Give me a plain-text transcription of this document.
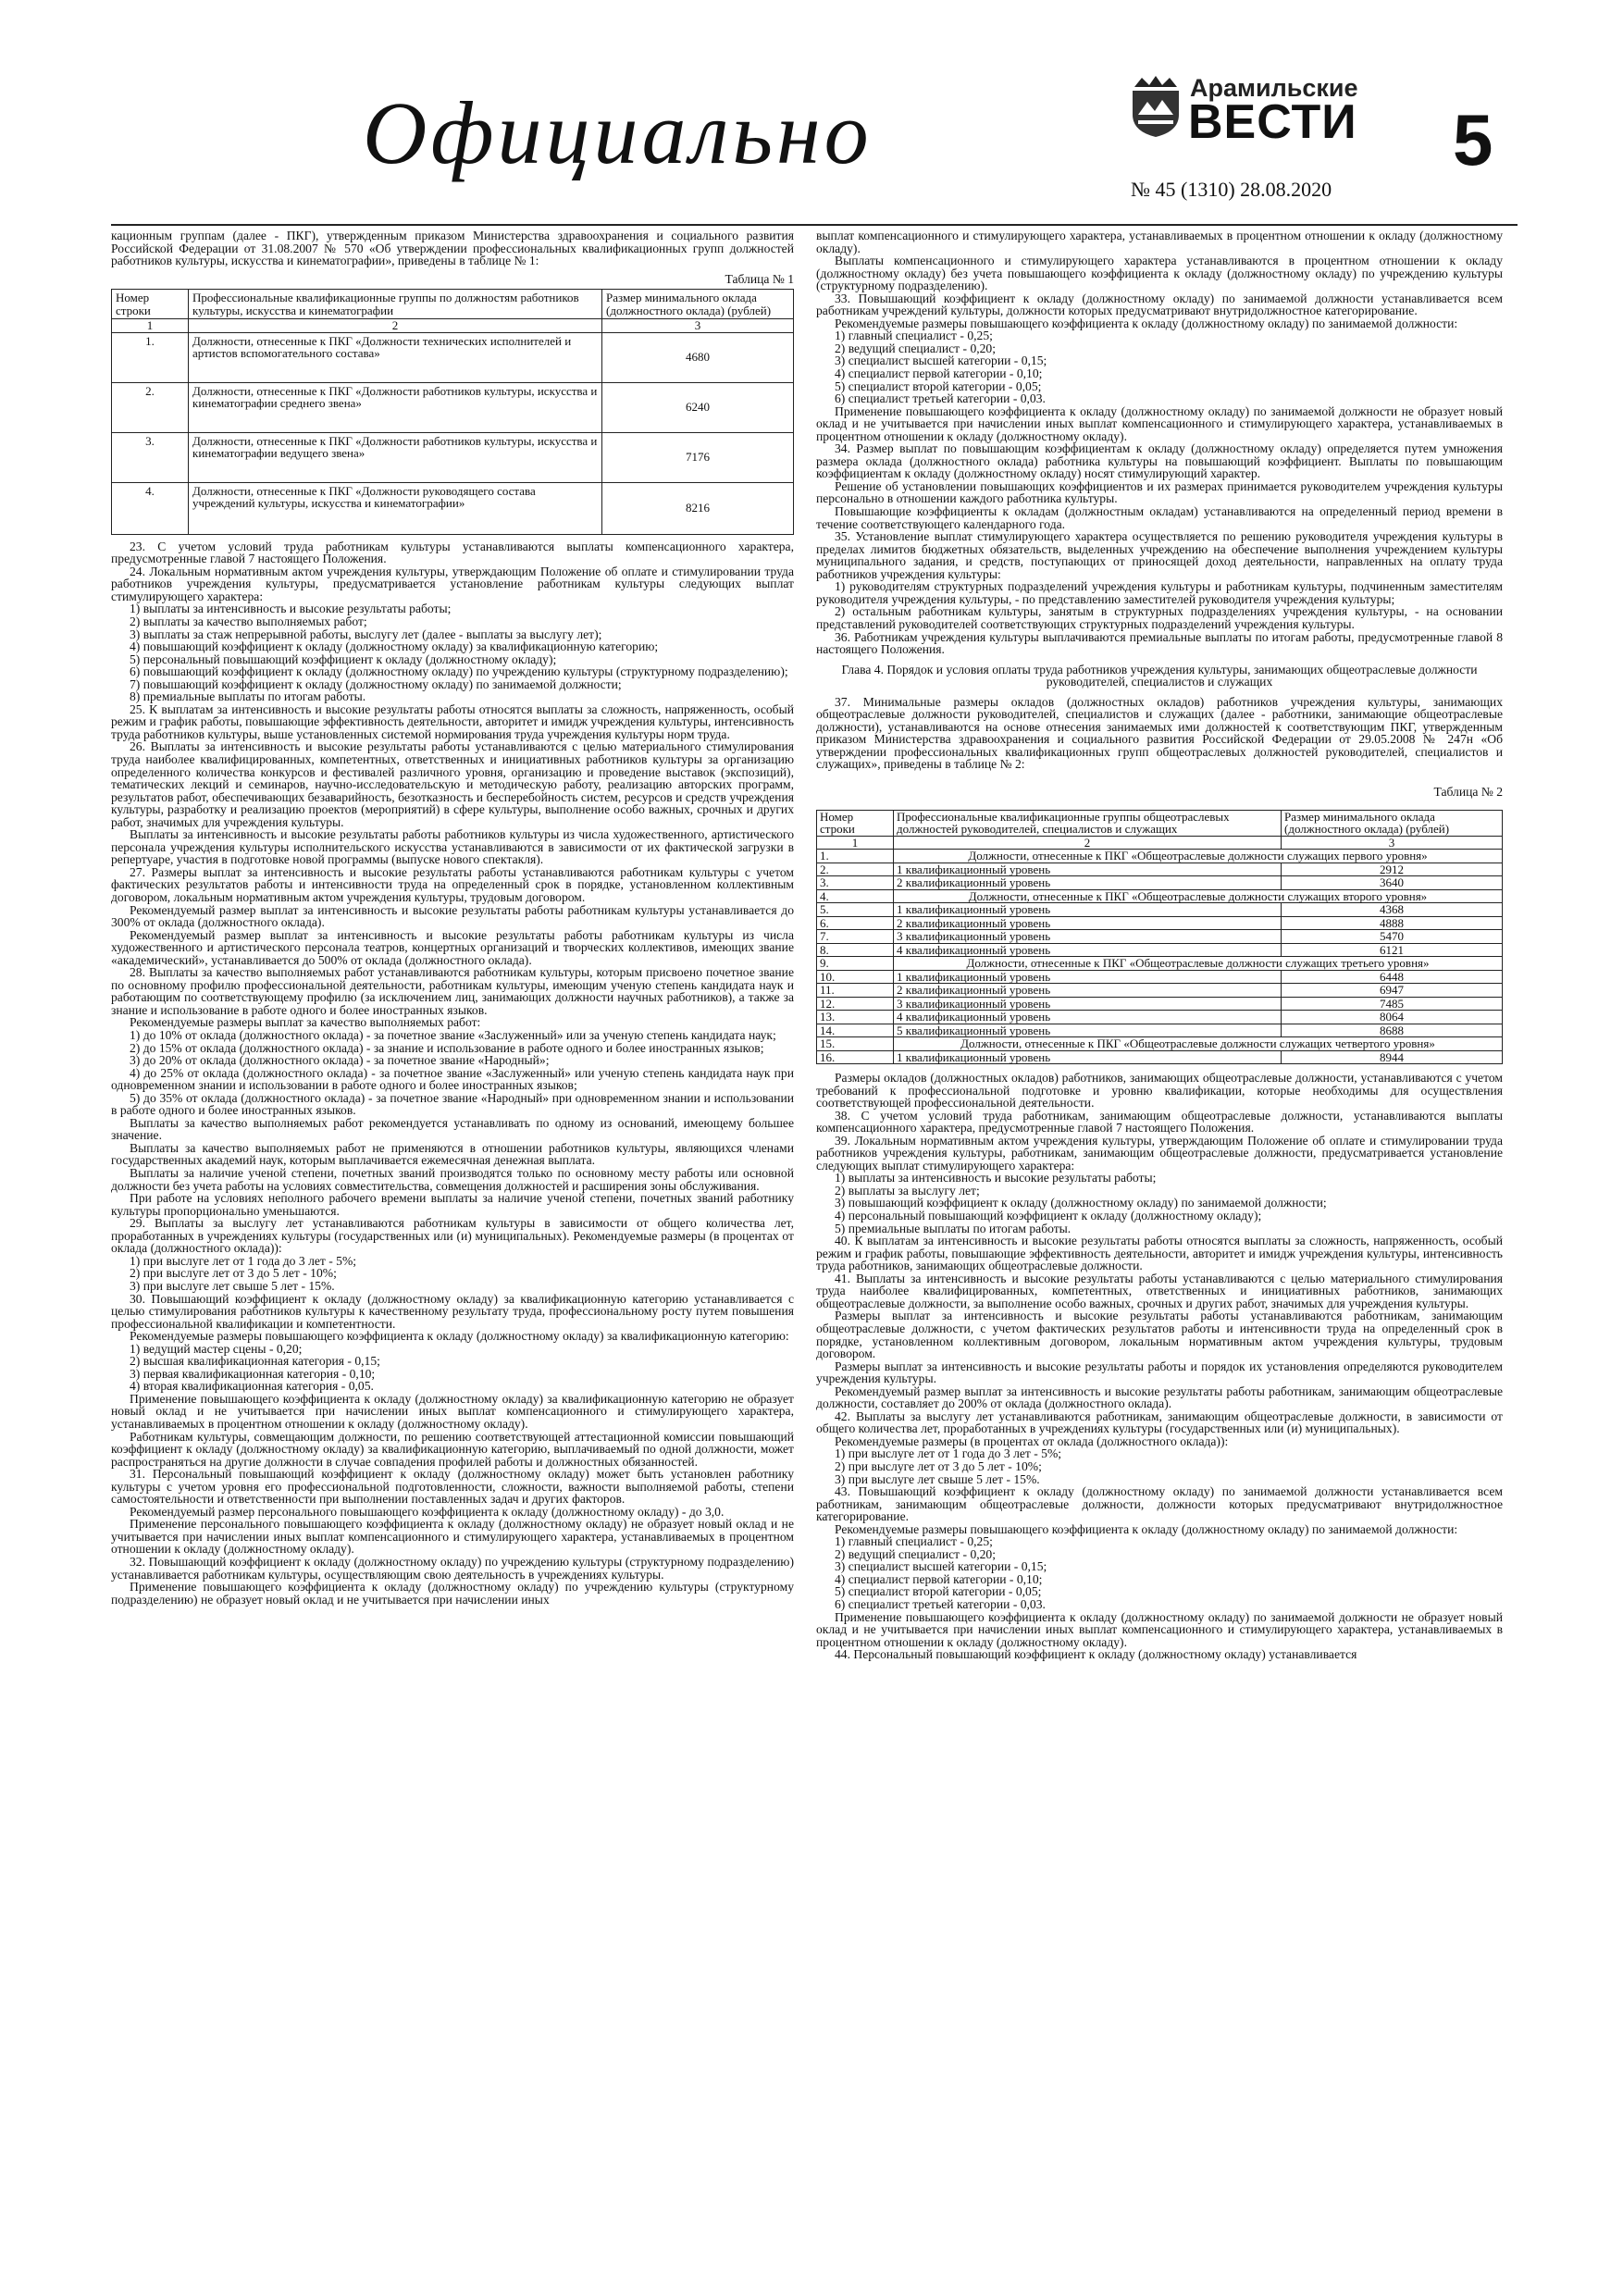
Официально	Арамильские
ВЕСТИ
№ 45 (1310) 28.08.2020
5

кационным группам (далее - ПКГ), утвержденным приказом Министерства здравоохранения и социального развития Российской Федерации от 31.08.2007 № 570 «Об утверждении профессиональных квалификационных групп должностей работников культуры, искусства и кинематографии», приведены в таблице № 1:

Таблица № 1
Номер строки	Профессиональные квалификационные группы по должностям работников культуры, искусства и кинематографии	Размер минимального оклада (должностного оклада) (рублей)
1	2	3
1.	Должности, отнесенные к ПКГ «Должности технических исполнителей и артистов вспомогательного состава»	4680
2.	Должности, отнесенные к ПКГ «Должности работников культуры, искусства и кинематографии среднего звена»	6240
3.	Должности, отнесенные к ПКГ «Должности работников культуры, искусства и кинематографии ведущего звена»	7176
4.	Должности, отнесенные к ПКГ «Должности руководящего состава учреждений культуры, искусства и кинематографии»	8216

23. С учетом условий труда работникам культуры устанавливаются выплаты компенсационного характера, предусмотренные главой 7 настоящего Положения.

24. Локальным нормативным актом учреждения культуры, утверждающим Положение об оплате и стимулировании труда работников учреждения культуры, предусматривается установление работникам культуры следующих выплат стимулирующего характера:

1) выплаты за интенсивность и высокие результаты работы;

2) выплаты за качество выполняемых работ;

3) выплаты за стаж непрерывной работы, выслугу лет (далее - выплаты за выслугу лет);

4) повышающий коэффициент к окладу (должностному окладу) за квалификационную категорию;

5) персональный повышающий коэффициент к окладу (должностному окладу);

6) повышающий коэффициент к окладу (должностному окладу) по учреждению культуры (структурному подразделению);

7) повышающий коэффициент к окладу (должностному окладу) по занимаемой должности;

8) премиальные выплаты по итогам работы.

25. К выплатам за интенсивность и высокие результаты работы относятся выплаты за сложность, напряженность, особый режим и график работы, повышающие эффективность деятельности, авторитет и имидж учреждения культуры, интенсивность труда работников культуры, выше установленных системой нормирования труда учреждения культуры норм труда.

26. Выплаты за интенсивность и высокие результаты работы устанавливаются с целью материального стимулирования труда наиболее квалифицированных, компетентных, ответственных и инициативных работников культуры за организацию определенного количества конкурсов и фестивалей различного уровня, организацию и проведение выставок (экспозиций), тематических лекций и семинаров, научно-исследовательскую и методическую работу, реализацию авторских программ, результатов работ, обеспечивающих безаварийность, безотказность и бесперебойность систем, ресурсов и средств учреждения культуры, разработку и реализацию проектов (мероприятий) в сфере культуры, выполнение особо важных, срочных и других работ, значимых для учреждения культуры.

Выплаты за интенсивность и высокие результаты работы работников культуры из числа художественного, артистического персонала учреждения культуры исполнительского искусства устанавливаются в зависимости от их фактической загрузки в репертуаре, участия в подготовке новой программы (выпуске нового спектакля).

27. Размеры выплат за интенсивность и высокие результаты работы устанавливаются работникам культуры с учетом фактических результатов работы и интенсивности труда на определенный срок в порядке, установленном коллективным договором, локальным нормативным актом учреждения культуры, трудовым договором.

Рекомендуемый размер выплат за интенсивность и высокие результаты работы работникам культуры устанавливается до 300% от оклада (должностного оклада).

Рекомендуемый размер выплат за интенсивность и высокие результаты работы работникам культуры из числа художественного и артистического персонала театров, концертных организаций и творческих коллективов, имеющих звание «академический», устанавливается до 500% от оклада (должностного оклада).

28. Выплаты за качество выполняемых работ устанавливаются работникам культуры, которым присвоено почетное звание по основному профилю профессиональной деятельности, работникам культуры, имеющим ученую степень кандидата наук и работающим по соответствующему профилю (за исключением лиц, занимающих должности научных работников), а также за знание и использование в работе одного и более иностранных языков.

Рекомендуемые размеры выплат за качество выполняемых работ:

1) до 10% от оклада (должностного оклада) - за почетное звание «Заслуженный» или за ученую степень кандидата наук;

2) до 15% от оклада (должностного оклада) - за знание и использование в работе одного и более иностранных языков;

3) до 20% от оклада (должностного оклада) - за почетное звание «Народный»;

4) до 25% от оклада (должностного оклада) - за почетное звание «Заслуженный» или ученую степень кандидата наук при одновременном знании и использовании в работе одного и более иностранных языков;

5) до 35% от оклада (должностного оклада) - за почетное звание «Народный» при одновременном знании и использовании в работе одного и более иностранных языков.

Выплаты за качество выполняемых работ рекомендуется устанавливать по одному из оснований, имеющему большее значение.

Выплаты за качество выполняемых работ не применяются в отношении работников культуры, являющихся членами государственных академий наук, которым выплачивается ежемесячная денежная выплата.

Выплаты за наличие ученой степени, почетных званий производятся только по основному месту работы или основной должности без учета работы на условиях совместительства, совмещения должностей и расширения зоны обслуживания.

При работе на условиях неполного рабочего времени выплаты за наличие ученой степени, почетных званий работнику культуры пропорционально уменьшаются.

29. Выплаты за выслугу лет устанавливаются работникам культуры в зависимости от общего количества лет, проработанных в учреждениях культуры (государственных или (и) муниципальных). Рекомендуемые размеры (в процентах от оклада (должностного оклада)):

1) при выслуге лет от 1 года до 3 лет - 5%;

2) при выслуге лет от 3 до 5 лет - 10%;

3) при выслуге лет свыше 5 лет - 15%.

30. Повышающий коэффициент к окладу (должностному окладу) за квалификационную категорию устанавливается с целью стимулирования работников культуры к качественному результату труда, профессиональному росту путем повышения профессиональной квалификации и компетентности.

Рекомендуемые размеры повышающего коэффициента к окладу (должностному окладу) за квалификационную категорию:

1) ведущий мастер сцены - 0,20;

2) высшая квалификационная категория - 0,15;

3) первая квалификационная категория - 0,10;

4) вторая квалификационная категория - 0,05.

Применение повышающего коэффициента к окладу (должностному окладу) за квалификационную категорию не образует новый оклад и не учитывается при начислении иных выплат компенсационного и стимулирующего характера, устанавливаемых в процентном отношении к окладу (должностному окладу).

Работникам культуры, совмещающим должности, по решению соответствующей аттестационной комиссии повышающий коэффициент к окладу (должностному окладу) за квалификационную категорию, выплачиваемый по одной должности, может распространяться на другие должности в случае совпадения профилей работы и должностных обязанностей.

31. Персональный повышающий коэффициент к окладу (должностному окладу) может быть установлен работнику культуры с учетом уровня его профессиональной подготовленности, сложности, важности выполняемой работы, степени самостоятельности и ответственности при выполнении поставленных задач и других факторов.

Рекомендуемый размер персонального повышающего коэффициента к окладу (должностному окладу) - до 3,0.

Применение персонального повышающего коэффициента к окладу (должностному окладу) не образует новый оклад и не учитывается при начислении иных выплат компенсационного и стимулирующего характера, устанавливаемых в процентном отношении к окладу (должностному окладу).

32. Повышающий коэффициент к окладу (должностному окладу) по учреждению культуры (структурному подразделению) устанавливается работникам культуры, осуществляющим свою деятельность в учреждениях культуры.

Применение повышающего коэффициента к окладу (должностному окладу) по учреждению культуры (структурному подразделению) не образует новый оклад и не учитывается при начислении иных

выплат компенсационного и стимулирующего характера, устанавливаемых в процентном отношении к окладу (должностному окладу).

Выплаты компенсационного и стимулирующего характера устанавливаются в процентном отношении к окладу (должностному окладу) без учета повышающего коэффициента к окладу (должностному окладу) по учреждению культуры (структурному подразделению).

33. Повышающий коэффициент к окладу (должностному окладу) по занимаемой должности устанавливается всем работникам учреждений культуры, должности которых предусматривают внутридолжностное категорирование.

Рекомендуемые размеры повышающего коэффициента к окладу (должностному окладу) по занимаемой должности:

1) главный специалист - 0,25;

2) ведущий специалист - 0,20;

3) специалист высшей категории - 0,15;

4) специалист первой категории - 0,10;

5) специалист второй категории - 0,05;

6) специалист третьей категории - 0,03.

Применение повышающего коэффициента к окладу (должностному окладу) по занимаемой должности не образует новый оклад и не учитывается при начислении иных выплат компенсационного и стимулирующего характера, устанавливаемых в процентном отношении к окладу (должностному окладу).

34. Размер выплат по повышающим коэффициентам к окладу (должностному окладу) определяется путем умножения размера оклада (должностного оклада) работника культуры на повышающий коэффициент. Выплаты по повышающим коэффициентам к окладу (должностному окладу) носят стимулирующий характер.

Решение об установлении повышающих коэффициентов и их размерах принимается руководителем учреждения культуры персонально в отношении каждого работника культуры.

Повышающие коэффициенты к окладам (должностным окладам) устанавливаются на определенный период времени в течение соответствующего календарного года.

35. Установление выплат стимулирующего характера осуществляется по решению руководителя учреждения культуры в пределах лимитов бюджетных обязательств, выделенных учреждению на обеспечение выполнения учреждением культуры муниципального задания, и средств, поступающих от приносящей доход деятельности, направленных на оплату труда работников учреждения культуры:

1) руководителям структурных подразделений учреждения культуры и работникам культуры, подчиненным заместителям руководителя учреждения культуры, - по представлению заместителей руководителя учреждения культуры;

2) остальным работникам культуры, занятым в структурных подразделениях учреждения культуры, - на основании представлений руководителей соответствующих структурных подразделений учреждения культуры.

36. Работникам учреждения культуры выплачиваются премиальные выплаты по итогам работы, предусмотренные главой 8 настоящего Положения.

Глава 4. Порядок и условия оплаты труда работников учреждения культуры, занимающих общеотраслевые должности руководителей, специалистов и служащих

37. Минимальные размеры окладов (должностных окладов) работников учреждения культуры, занимающих общеотраслевые должности руководителей, специалистов и служащих (далее - работники, занимающие общеотраслевые должности), устанавливаются на основе отнесения занимаемых ими должностей к соответствующим ПКГ, утвержденным приказом Министерства здравоохранения и социального развития Российской Федерации от 29.05.2008 № 247н «Об утверждении профессиональных квалификационных групп общеотраслевых должностей руководителей, специалистов и служащих», приведены в таблице № 2:

Таблица № 2
Номер строки	Профессиональные квалификационные группы общеотраслевых должностей руководителей, специалистов и служащих	Размер минимального оклада (должностного оклада) (рублей)
1	2	3
1.	Должности, отнесенные к ПКГ «Общеотраслевые должности служащих первого уровня»	
2.	1 квалификационный уровень	2912
3.	2 квалификационный уровень	3640
4.	Должности, отнесенные к ПКГ «Общеотраслевые должности служащих второго уровня»	
5.	1 квалификационный уровень	4368
6.	2 квалификационный уровень	4888
7.	3 квалификационный уровень	5470
8.	4 квалификационный уровень	6121
9.	Должности, отнесенные к ПКГ «Общеотраслевые должности служащих третьего уровня»	
10.	1 квалификационный уровень	6448
11.	2 квалификационный уровень	6947
12.	3 квалификационный уровень	7485
13.	4 квалификационный уровень	8064
14.	5 квалификационный уровень	8688
15.	Должности, отнесенные к ПКГ «Общеотраслевые должности служащих четвертого уровня»	
16.	1 квалификационный уровень	8944

Размеры окладов (должностных окладов) работников, занимающих общеотраслевые должности, устанавливаются с учетом требований к профессиональной подготовке и уровню квалификации, которые необходимы для осуществления соответствующей профессиональной деятельности.

38. С учетом условий труда работникам, занимающим общеотраслевые должности, устанавливаются выплаты компенсационного характера, предусмотренные главой 7 настоящего Положения.

39. Локальным нормативным актом учреждения культуры, утверждающим Положение об оплате и стимулировании труда работников учреждения культуры, работникам, занимающим общеотраслевые должности, предусматривается установление следующих выплат стимулирующего характера:

1) выплаты за интенсивность и высокие результаты работы;

2) выплаты за выслугу лет;

3) повышающий коэффициент к окладу (должностному окладу) по занимаемой должности;

4) персональный повышающий коэффициент к окладу (должностному окладу);

5) премиальные выплаты по итогам работы.

40. К выплатам за интенсивность и высокие результаты работы относятся выплаты за сложность, напряженность, особый режим и график работы, повышающие эффективность деятельности, авторитет и имидж учреждения культуры, интенсивность труда работников, занимающих общеотраслевые должности.

41. Выплаты за интенсивность и высокие результаты работы устанавливаются с целью материального стимулирования труда наиболее квалифицированных, компетентных, ответственных и инициативных работников, занимающих общеотраслевые должности, за выполнение особо важных, срочных и других работ, значимых для учреждения культуры.

Размеры выплат за интенсивность и высокие результаты работы устанавливаются работникам, занимающим общеотраслевые должности, с учетом фактических результатов работы и интенсивности труда на определенный срок в порядке, установленном коллективным договором, локальным нормативным актом учреждения культуры, трудовым договором.

Размеры выплат за интенсивность и высокие результаты работы и порядок их установления определяются руководителем учреждения культуры.

Рекомендуемый размер выплат за интенсивность и высокие результаты работы работникам, занимающим общеотраслевые должности, составляет до 200% от оклада (должностного оклада).

42. Выплаты за выслугу лет устанавливаются работникам, занимающим общеотраслевые должности, в зависимости от общего количества лет, проработанных в учреждениях культуры (государственных или (и) муниципальных).

Рекомендуемые размеры (в процентах от оклада (должностного оклада)):

1) при выслуге лет от 1 года до 3 лет - 5%;

2) при выслуге лет от 3 до 5 лет - 10%;

3) при выслуге лет свыше 5 лет - 15%.

43. Повышающий коэффициент к окладу (должностному окладу) по занимаемой должности устанавливается всем работникам, занимающим общеотраслевые должности, должности которых предусматривают внутридолжностное категорирование.

Рекомендуемые размеры повышающего коэффициента к окладу (должностному окладу) по занимаемой должности:

1) главный специалист - 0,25;

2) ведущий специалист - 0,20;

3) специалист высшей категории - 0,15;

4) специалист первой категории - 0,10;

5) специалист второй категории - 0,05;

6) специалист третьей категории - 0,03.

Применение повышающего коэффициента к окладу (должностному окладу) по занимаемой должности не образует новый оклад и не учитывается при начислении иных выплат компенсационного и стимулирующего характера, устанавливаемых в процентном отношении к окладу (должностному окладу).

44. Персональный повышающий коэффициент к окладу (должностному окладу) устанавливается
